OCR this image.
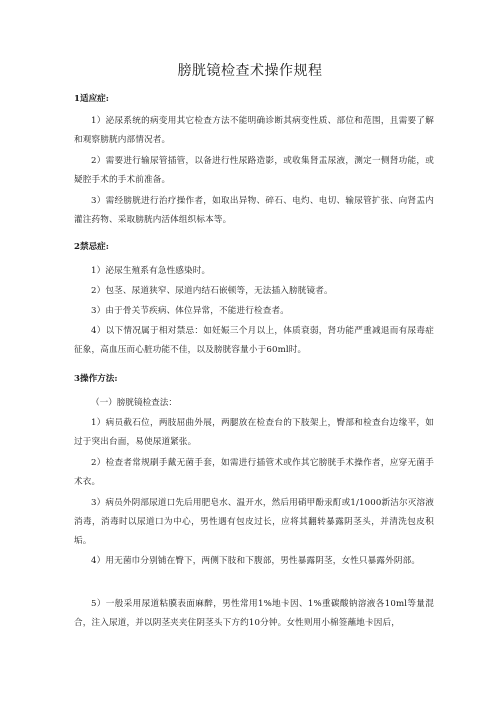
膀胱镜检查术操作规程
1适应症:

1）泌尿系统的病变用其它检查方法不能明确诊断其病变性质、部位和范围，且需要了解和观察膀胱内部情况者。

2）需要进行输尿管插管，以备进行性尿路造影，或收集肾盂尿液，测定一侧肾功能，或疑腔手术的手术前准备。

3）需经膀胱进行治疗操作者，如取出异物、碎石、电灼、电切、输尿管扩张、向肾盂内灌注药物、采取膀胱内活体组织标本等。

2禁忌症:

1）泌尿生殖系有急性感染时。

2）包茎、尿道狭窄、尿道内结石嵌顿等，无法插入膀胱镜者。

3）由于骨关节疾病、体位异常，不能进行检查者。

4）以下情况属于相对禁忌：如妊娠三个月以上，体质衰弱，肾功能严重减退而有尿毒症征象，高血压而心脏功能不佳，以及膀胱容量小于60ml时。

3操作方法:
（一）膀胱镜检查法：

1）病员截石位，两肢屈曲外展，两腿放在检查台的下肢架上，臀部和检查台边缘平，如过于突出台面，易使尿道紧张。

2）检查者常规刷手戴无菌手套，如需进行插管术或作其它膀胱手术操作者，应穿无菌手术衣。

3）病员外阴部尿道口先后用肥皂水、温开水，然后用硝甲酚汞酊或1/1000新洁尔灭溶液消毒，消毒时以尿道口为中心，男性遇有包皮过长，应将其翻转暴露阴茎头，并清洗包皮积垢。

4）用无菌巾分别铺在臀下，两侧下肢和下腹部，男性暴露阴茎，女性只暴露外阴部。

5）一般采用尿道粘膜表面麻醉，男性常用1%地卡因、1%重碳酸钠溶液各10ml等量混合，注入尿道，并以阴茎夹夹住阴茎头下方约10分钟。女性则用小棉签蘸地卡因后，
